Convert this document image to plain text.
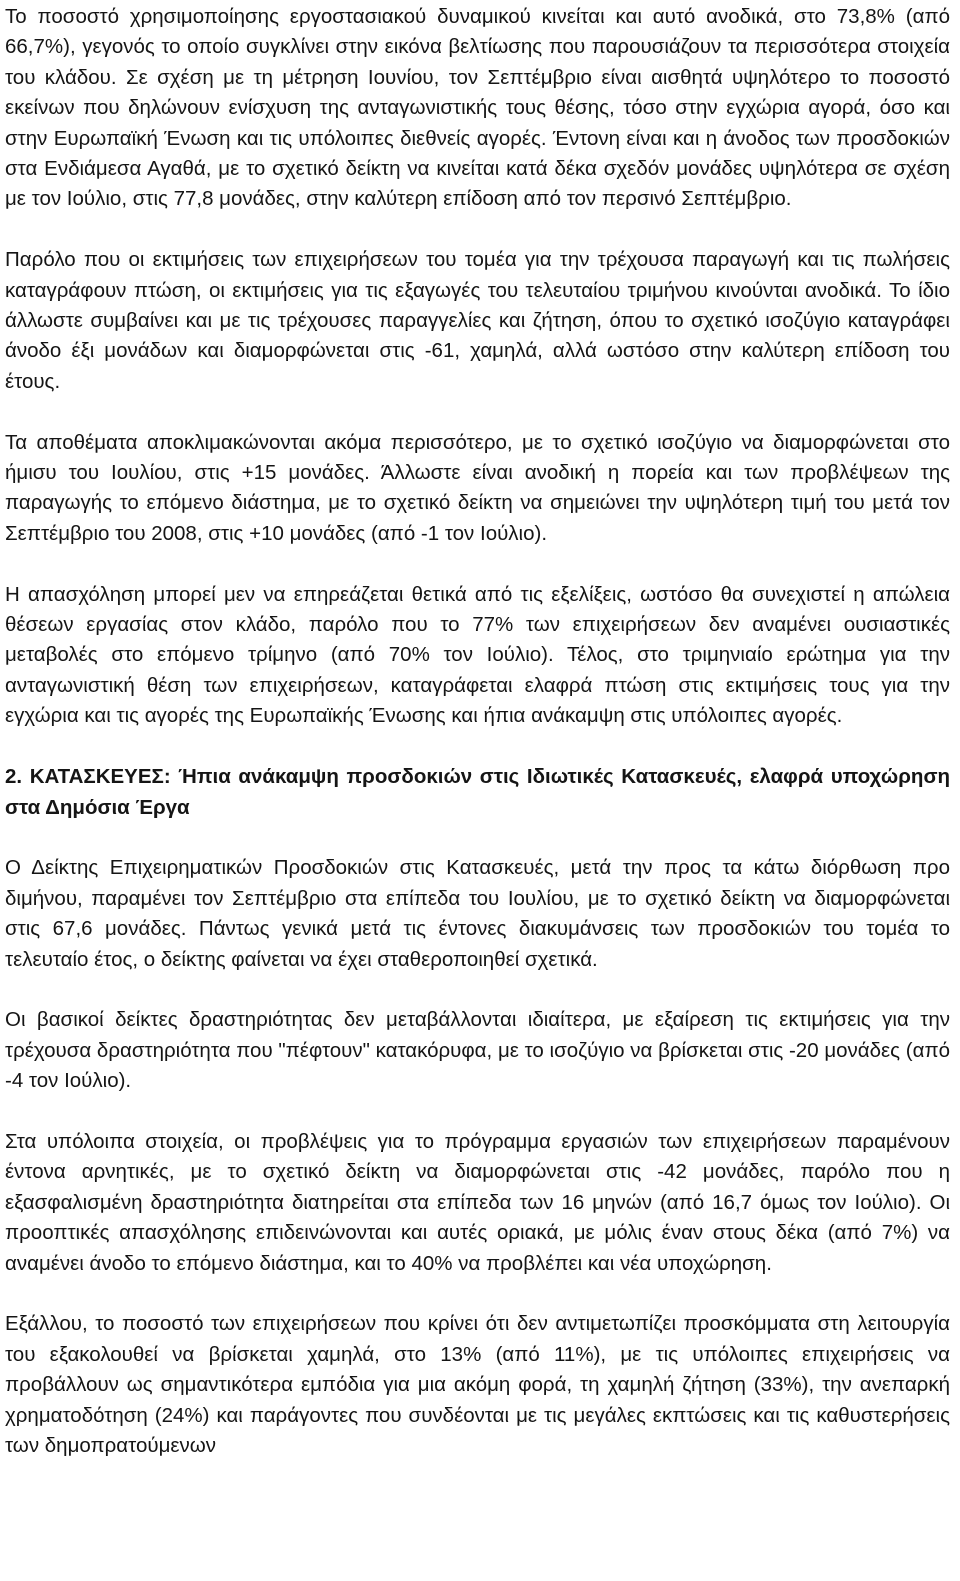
Το ποσοστό χρησιμοποίησης εργοστασιακού δυναμικού κινείται και αυτό ανοδικά, στο 73,8% (από 66,7%), γεγονός το οποίο συγκλίνει στην εικόνα βελτίωσης που παρουσιάζουν τα περισσότερα στοιχεία του κλάδου. Σε σχέση με τη μέτρηση Ιουνίου, τον Σεπτέμβριο είναι αισθητά υψηλότερο το ποσοστό εκείνων που δηλώνουν ενίσχυση της ανταγωνιστικής τους θέσης, τόσο στην εγχώρια αγορά, όσο και στην Ευρωπαϊκή Ένωση και τις υπόλοιπες διεθνείς αγορές. Έντονη είναι και η άνοδος των προσδοκιών στα Ενδιάμεσα Αγαθά, με το σχετικό δείκτη να κινείται κατά δέκα σχεδόν μονάδες υψηλότερα σε σχέση με τον Ιούλιο, στις 77,8 μονάδες, στην καλύτερη επίδοση από τον περσινό Σεπτέμβριο.

Παρόλο που οι εκτιμήσεις των επιχειρήσεων του τομέα για την τρέχουσα παραγωγή και τις πωλήσεις καταγράφουν πτώση, οι εκτιμήσεις για τις εξαγωγές του τελευταίου τριμήνου κινούνται ανοδικά. Το ίδιο άλλωστε συμβαίνει και με τις τρέχουσες παραγγελίες και ζήτηση, όπου το σχετικό ισοζύγιο καταγράφει άνοδο έξι μονάδων και διαμορφώνεται στις -61, χαμηλά, αλλά ωστόσο στην καλύτερη επίδοση του έτους.

Τα αποθέματα αποκλιμακώνονται ακόμα περισσότερο, με το σχετικό ισοζύγιο να διαμορφώνεται στο ήμισυ του Ιουλίου, στις +15 μονάδες. Άλλωστε είναι ανοδική η πορεία και των προβλέψεων της παραγωγής το επόμενο διάστημα, με το σχετικό δείκτη να σημειώνει την υψηλότερη τιμή του μετά τον Σεπτέμβριο του 2008, στις +10 μονάδες (από -1 τον Ιούλιο).

Η απασχόληση μπορεί μεν να επηρεάζεται θετικά από τις εξελίξεις, ωστόσο θα συνεχιστεί η απώλεια θέσεων εργασίας στον κλάδο, παρόλο που το 77% των επιχειρήσεων δεν αναμένει ουσιαστικές μεταβολές στο επόμενο τρίμηνο (από 70% τον Ιούλιο). Τέλος, στο τριμηνιαίο ερώτημα για την ανταγωνιστική θέση των επιχειρήσεων, καταγράφεται ελαφρά πτώση στις εκτιμήσεις τους για την εγχώρια και τις αγορές της Ευρωπαϊκής Ένωσης και ήπια ανάκαμψη στις υπόλοιπες αγορές.

2. ΚΑΤΑΣΚΕΥΕΣ: Ήπια ανάκαμψη προσδοκιών στις Ιδιωτικές Κατασκευές, ελαφρά υποχώρηση στα Δημόσια Έργα

Ο Δείκτης Επιχειρηματικών Προσδοκιών στις Κατασκευές, μετά την προς τα κάτω διόρθωση προ διμήνου, παραμένει τον Σεπτέμβριο στα επίπεδα του Ιουλίου, με το σχετικό δείκτη να διαμορφώνεται στις 67,6 μονάδες. Πάντως γενικά μετά τις έντονες διακυμάνσεις των προσδοκιών του τομέα το τελευταίο έτος, ο δείκτης φαίνεται να έχει σταθεροποιηθεί σχετικά.

Οι βασικοί δείκτες δραστηριότητας δεν μεταβάλλονται ιδιαίτερα, με εξαίρεση τις εκτιμήσεις για την τρέχουσα δραστηριότητα που "πέφτουν" κατακόρυφα, με το ισοζύγιο να βρίσκεται στις -20 μονάδες (από -4 τον Ιούλιο).

Στα υπόλοιπα στοιχεία, οι προβλέψεις για το πρόγραμμα εργασιών των επιχειρήσεων παραμένουν έντονα αρνητικές, με το σχετικό δείκτη να διαμορφώνεται στις -42 μονάδες, παρόλο που η εξασφαλισμένη δραστηριότητα διατηρείται στα επίπεδα των 16 μηνών (από 16,7 όμως τον Ιούλιο). Οι προοπτικές απασχόλησης επιδεινώνονται και αυτές οριακά, με μόλις έναν στους δέκα (από 7%) να αναμένει άνοδο το επόμενο διάστημα, και το 40% να προβλέπει και νέα υποχώρηση.

Εξάλλου, το ποσοστό των επιχειρήσεων που κρίνει ότι δεν αντιμετωπίζει προσκόμματα στη λειτουργία του εξακολουθεί να βρίσκεται χαμηλά, στο 13% (από 11%), με τις υπόλοιπες επιχειρήσεις να προβάλλουν ως σημαντικότερα εμπόδια για μια ακόμη φορά, τη χαμηλή ζήτηση (33%), την ανεπαρκή χρηματοδότηση (24%) και παράγοντες που συνδέονται με τις μεγάλες εκπτώσεις και τις καθυστερήσεις των δημοπρατούμενων
